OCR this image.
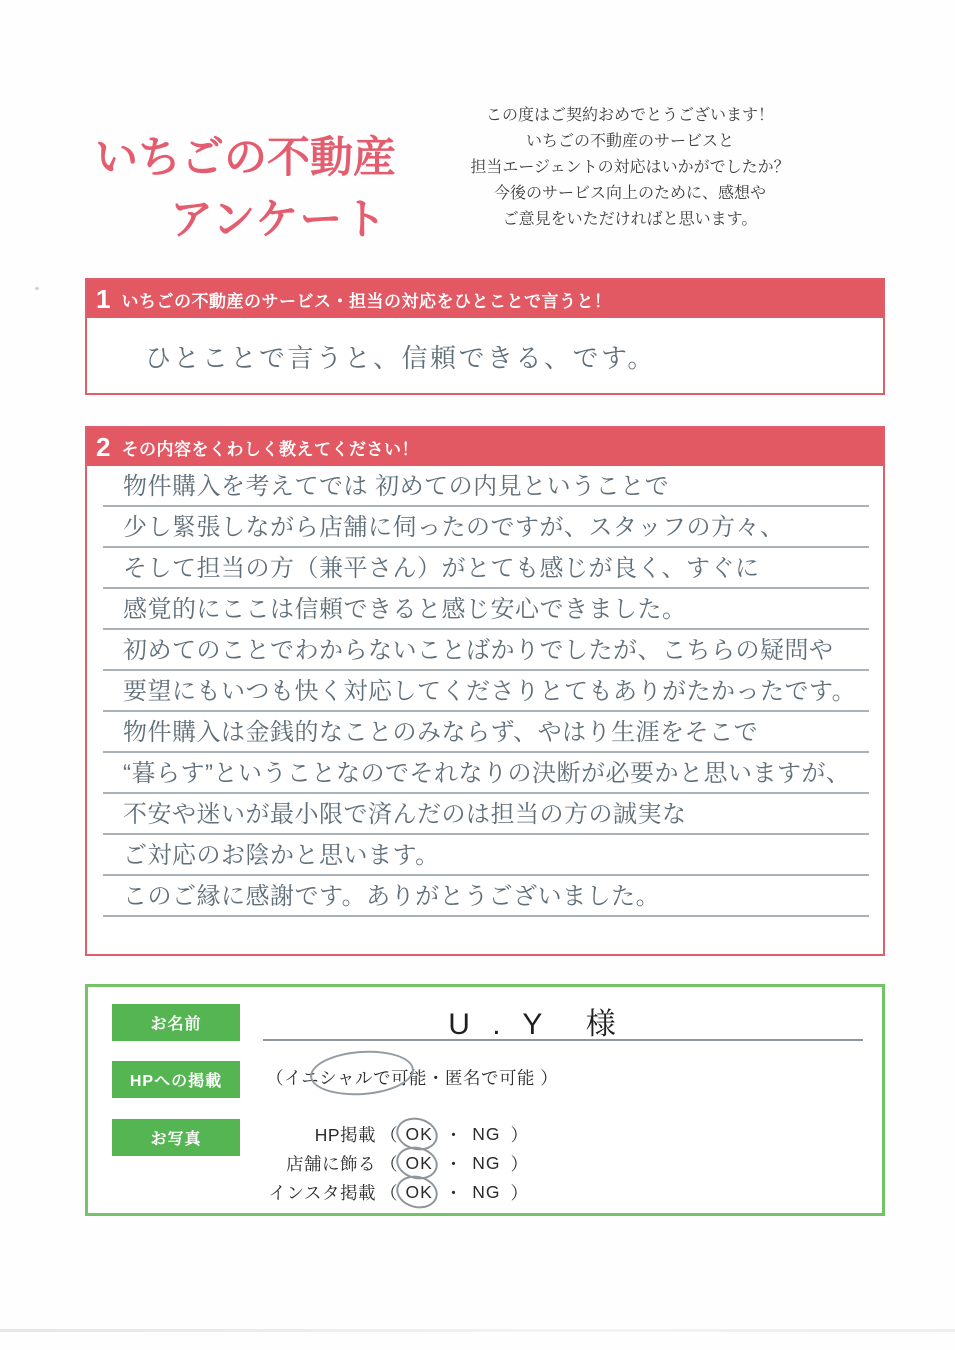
いちごの不動産
アンケート
この度はご契約おめでとうございます！
いちごの不動産のサービスと
担当エージェントの対応はいかがでしたか？
今後のサービス向上のために、感想や
ご意見をいただければと思います。
1 いちごの不動産のサービス・担当の対応をひとことで言うと！
ひとことで言うと、信頼できる、です。
2 その内容をくわしく教えてください！
物件購入を考えてでは 初めての内見ということで
少し緊張しながら店舗に伺ったのですが、スタッフの方々、
そして担当の方（兼平さん）がとても感じが良く、すぐに
感覚的にここは信頼できると感じ安心できました。
初めてのことでわからないことばかりでしたが、こちらの疑問や
要望にもいつも快く対応してくださりとてもありがたかったです。
物件購入は金銭的なことのみならず、やはり生涯をそこで
“暮らす”ということなのでそれなりの決断が必要かと思いますが、
不安や迷いが最小限で済んだのは担当の方の誠実な
ご対応のお陰かと思います。
このご縁に感謝です。ありがとうございました。
お名前	U . Y　様
HPへの掲載	（イニシャルで可能・匿名で可能 ）
お写真	HP掲載 （ OK ・ NG ）
店舗に飾る （ OK ・ NG ）
インスタ掲載 （ OK ・ NG ）
